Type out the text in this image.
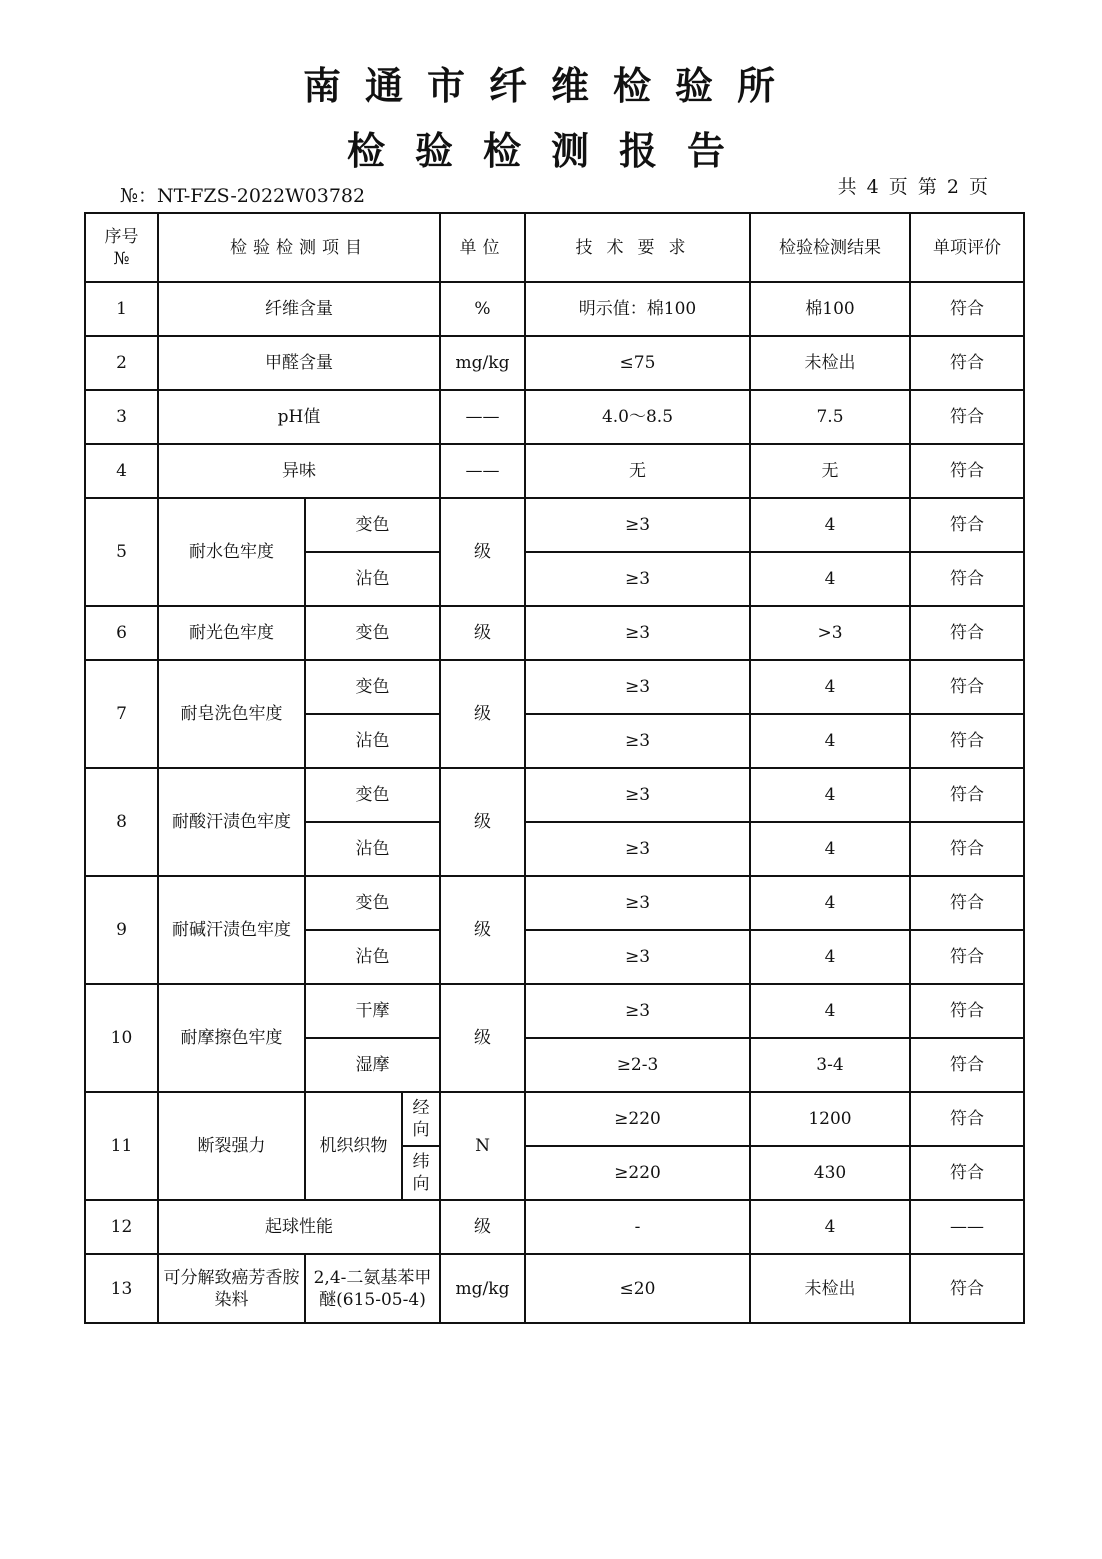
南通市纤维检验所
检验检测报告
№：NT-FZS-2022W03782	共 4 页 第 2 页
序号
№	检验检测项目			单位	技术要求	检验检测结果	单项评价
1	纤维含量			%	明示值：棉100	棉100	符合
2	甲醛含量			mg/kg	≤75	未检出	符合
3	pH值			——	4.0～8.5	7.5	符合
4	异味			——	无	无	符合
5	耐水色牢度	变色		级	≥3	4	符合
		沾色			≥3	4	符合
6	耐光色牢度	变色		级	≥3	>3	符合
7	耐皂洗色牢度	变色		级	≥3	4	符合
		沾色			≥3	4	符合
8	耐酸汗渍色牢度	变色		级	≥3	4	符合
		沾色			≥3	4	符合
9	耐碱汗渍色牢度	变色		级	≥3	4	符合
		沾色			≥3	4	符合
10	耐摩擦色牢度	干摩		级	≥3	4	符合
		湿摩			≥2-3	3-4	符合
11	断裂强力	机织织物	经向	N	≥220	1200	符合
			纬向		≥220	430	符合
12	起球性能			级	-	4	——
13	可分解致癌芳香胺染料	2,4-二氨基苯甲醚(615-05-4)		mg/kg	≤20	未检出	符合
